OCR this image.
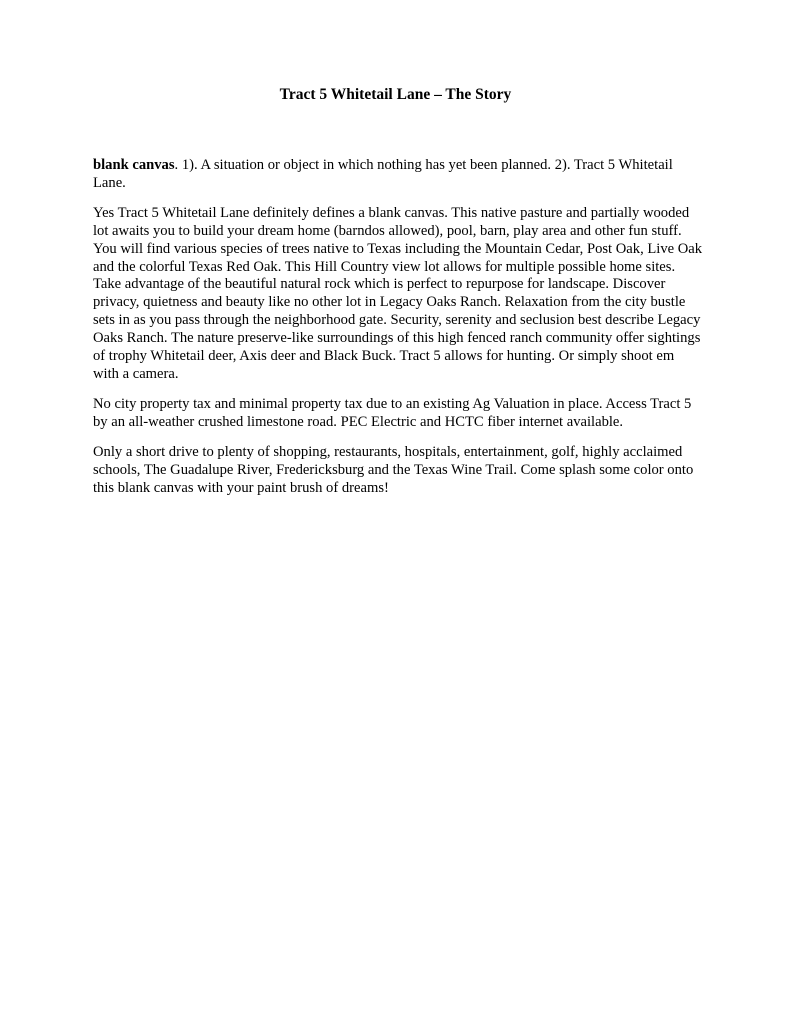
Tract 5 Whitetail Lane – The Story

blank canvas. 1). A situation or object in which nothing has yet been planned. 2). Tract 5 Whitetail Lane.

Yes Tract 5 Whitetail Lane definitely defines a blank canvas. This native pasture and partially wooded lot awaits you to build your dream home (barndos allowed), pool, barn, play area and other fun stuff. You will find various species of trees native to Texas including the Mountain Cedar, Post Oak, Live Oak and the colorful Texas Red Oak. This Hill Country view lot allows for multiple possible home sites. Take advantage of the beautiful natural rock which is perfect to repurpose for landscape. Discover privacy, quietness and beauty like no other lot in Legacy Oaks Ranch. Relaxation from the city bustle sets in as you pass through the neighborhood gate. Security, serenity and seclusion best describe Legacy Oaks Ranch. The nature preserve-like surroundings of this high fenced ranch community offer sightings of trophy Whitetail deer, Axis deer and Black Buck. Tract 5 allows for hunting. Or simply shoot em with a camera.

No city property tax and minimal property tax due to an existing Ag Valuation in place. Access Tract 5 by an all-weather crushed limestone road. PEC Electric and HCTC fiber internet available.

Only a short drive to plenty of shopping, restaurants, hospitals, entertainment, golf, highly acclaimed schools, The Guadalupe River, Fredericksburg and the Texas Wine Trail. Come splash some color onto this blank canvas with your paint brush of dreams!
